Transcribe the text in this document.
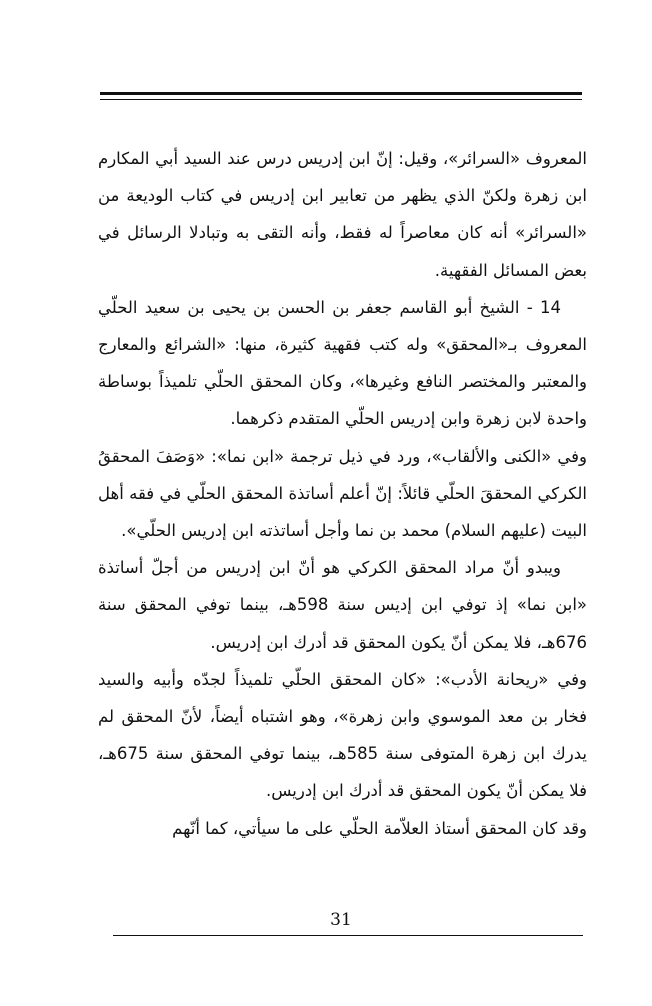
المعروف «السرائر»، وقيل: إنّ ابن إدريس درس عند السيد أبي المكارم ابن زهرة ولكنّ الذي يظهر من تعابير ابن إدريس في كتاب الوديعة من «السرائر» أنه كان معاصراً له فقط، وأنه التقى به وتبادلا الرسائل في بعض المسائل الفقهية.

14 - الشيخ أبو القاسم جعفر بن الحسن بن يحيى بن سعيد الحلّي المعروف بـ«المحقق» وله كتب فقهية كثيرة، منها: «الشرائع والمعارج والمعتبر والمختصر النافع وغيرها»، وكان المحقق الحلّي تلميذاً بوساطة واحدة لابن زهرة وابن إدريس الحلّي المتقدم ذكرهما.

وفي «الكنى والألقاب»، ورد في ذيل ترجمة «ابن نما»: «وَصَفَ المحققُ الكركي المحققَ الحلّي قائلاً: إنّ أعلم أساتذة المحقق الحلّي في فقه أهل البيت (عليهم السلام) محمد بن نما وأجل أساتذته ابن إدريس الحلّي».

ويبدو أنّ مراد المحقق الكركي هو أنّ ابن إدريس من أجلّ أساتذة «ابن نما» إذ توفي ابن إديس سنة 598هـ، بينما توفي المحقق سنة 676هـ، فلا يمكن أنّ يكون المحقق قد أدرك ابن إدريس.

وفي «ريحانة الأدب»: «كان المحقق الحلّي تلميذاً لجدّه وأبيه والسيد فخار بن معد الموسوي وابن زهرة»، وهو اشتباه أيضاً، لأنّ المحقق لم يدرك ابن زهرة المتوفى سنة 585هـ، بينما توفي المحقق سنة 675هـ، فلا يمكن أنّ يكون المحقق قد أدرك ابن إدريس.

وقد كان المحقق أستاذ العلاّمة الحلّي على ما سيأتي، كما أنّهم

31
